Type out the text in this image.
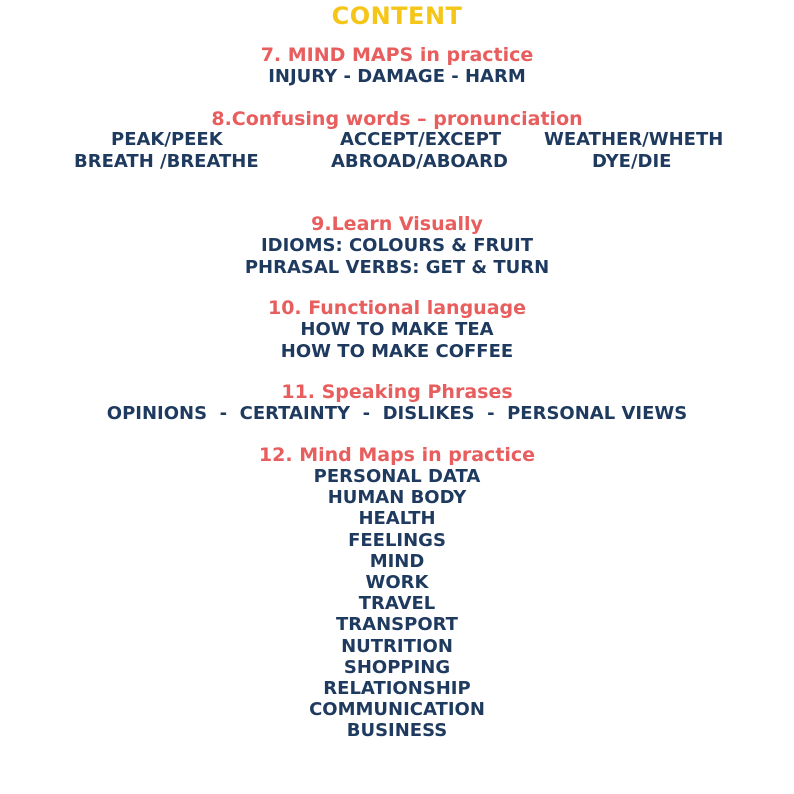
CONTENT
7. MIND MAPS in practice
INJURY - DAMAGE - HARM
8.Confusing words – pronunciation
PEAK/PEEK	ACCEPT/EXCEPT WEATHER/WHETH
BREATH /BREATHE	ABROAD/ABOARD	DYE/DIE
9.Learn Visually
IDIOMS: COLOURS & FRUIT
PHRASAL VERBS: GET & TURN
10. Functional language
HOW TO MAKE TEA
HOW TO MAKE COFFEE
11. Speaking Phrases
OPINIONS  -  CERTAINTY  -  DISLIKES  -  PERSONAL VIEWS
12. Mind Maps in practice
PERSONAL DATA
HUMAN BODY
HEALTH
FEELINGS
MIND
WORK
TRAVEL
TRANSPORT
NUTRITION
SHOPPING
RELATIONSHIP
COMMUNICATION
BUSINESS
